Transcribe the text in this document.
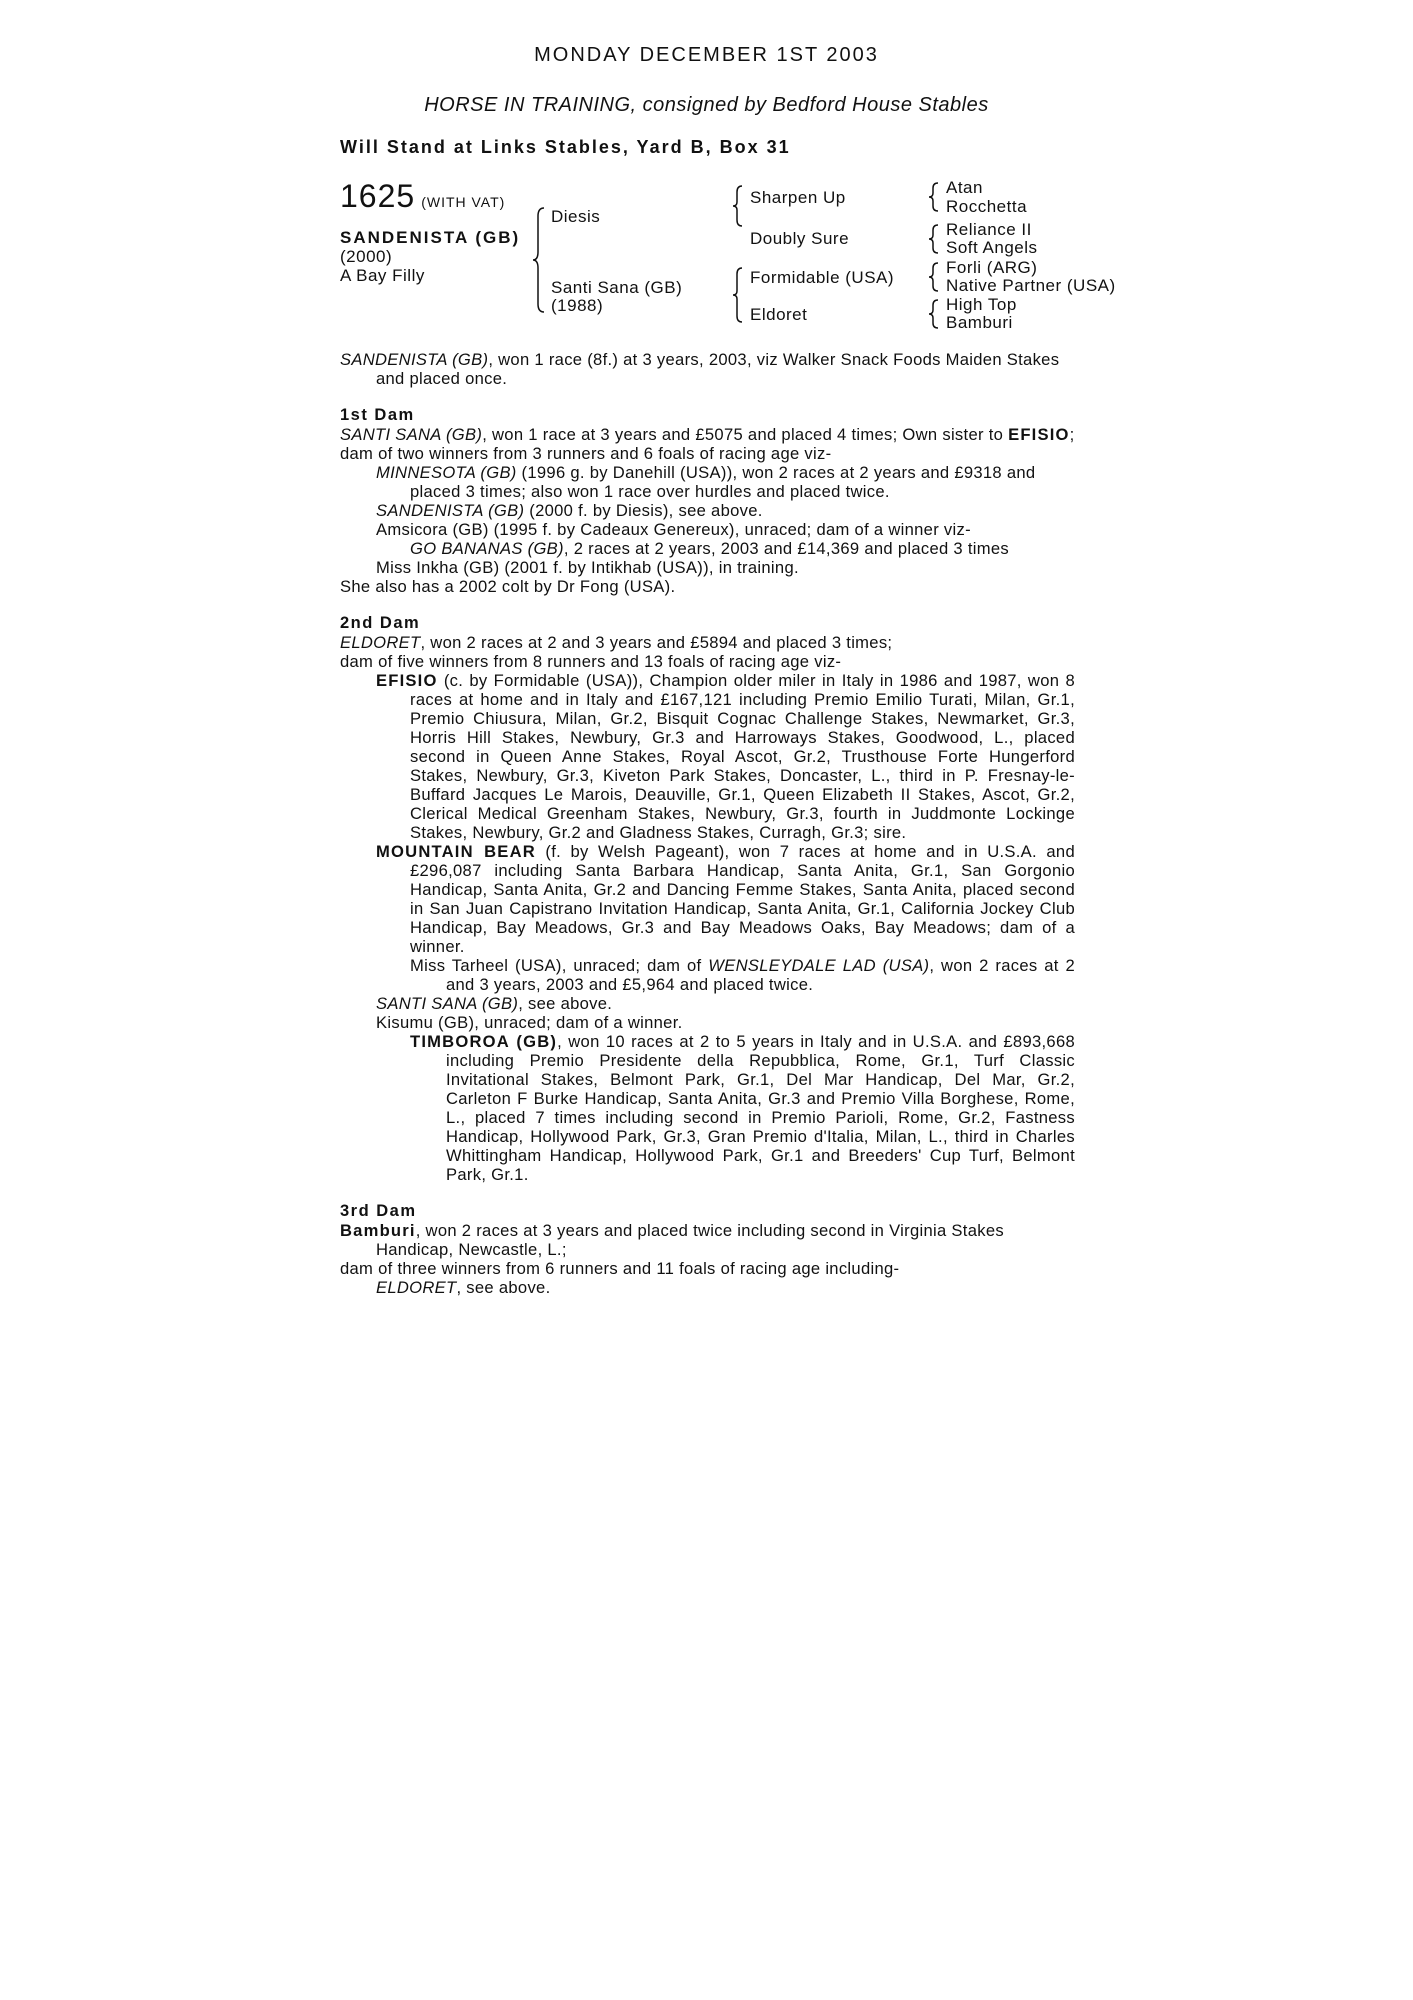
MONDAY DECEMBER 1ST 2003
HORSE IN TRAINING, consigned by Bedford House Stables
Will Stand at Links Stables, Yard B, Box 31
1625 (WITH VAT)
SANDENISTA (GB)
(2000)
A Bay Filly
Diesis
Santi Sana (GB)
(1988)
Sharpen Up
Doubly Sure
Formidable (USA)
Eldoret
Atan
Rocchetta
Reliance II
Soft Angels
Forli (ARG)
Native Partner (USA)
High Top
Bamburi

SANDENISTA (GB), won 1 race (8f.) at 3 years, 2003, viz Walker Snack Foods Maiden Stakes and placed once.

1st Dam

SANTI SANA (GB), won 1 race at 3 years and £5075 and placed 4 times; Own sister to EFISIO;

dam of two winners from 3 runners and 6 foals of racing age viz-

MINNESOTA (GB) (1996 g. by Danehill (USA)), won 2 races at 2 years and £9318 and placed 3 times; also won 1 race over hurdles and placed twice.

SANDENISTA (GB) (2000 f. by Diesis), see above.

Amsicora (GB) (1995 f. by Cadeaux Genereux), unraced; dam of a winner viz-

GO BANANAS (GB), 2 races at 2 years, 2003 and £14,369 and placed 3 times

Miss Inkha (GB) (2001 f. by Intikhab (USA)), in training.

She also has a 2002 colt by Dr Fong (USA).

2nd Dam

ELDORET, won 2 races at 2 and 3 years and £5894 and placed 3 times;

dam of five winners from 8 runners and 13 foals of racing age viz-

EFISIO (c. by Formidable (USA)), Champion older miler in Italy in 1986 and 1987, won 8 races at home and in Italy and £167,121 including Premio Emilio Turati, Milan, Gr.1, Premio Chiusura, Milan, Gr.2, Bisquit Cognac Challenge Stakes, Newmarket, Gr.3, Horris Hill Stakes, Newbury, Gr.3 and Harroways Stakes, Goodwood, L., placed second in Queen Anne Stakes, Royal Ascot, Gr.2, Trusthouse Forte Hungerford Stakes, Newbury, Gr.3, Kiveton Park Stakes, Doncaster, L., third in P. Fresnay-le-Buffard Jacques Le Marois, Deauville, Gr.1, Queen Elizabeth II Stakes, Ascot, Gr.2, Clerical Medical Greenham Stakes, Newbury, Gr.3, fourth in Juddmonte Lockinge Stakes, Newbury, Gr.2 and Gladness Stakes, Curragh, Gr.3; sire.

MOUNTAIN BEAR (f. by Welsh Pageant), won 7 races at home and in U.S.A. and £296,087 including Santa Barbara Handicap, Santa Anita, Gr.1, San Gorgonio Handicap, Santa Anita, Gr.2 and Dancing Femme Stakes, Santa Anita, placed second in San Juan Capistrano Invitation Handicap, Santa Anita, Gr.1, California Jockey Club Handicap, Bay Meadows, Gr.3 and Bay Meadows Oaks, Bay Meadows; dam of a winner.

Miss Tarheel (USA), unraced; dam of WENSLEYDALE LAD (USA), won 2 races at 2 and 3 years, 2003 and £5,964 and placed twice.

SANTI SANA (GB), see above.

Kisumu (GB), unraced; dam of a winner.

TIMBOROA (GB), won 10 races at 2 to 5 years in Italy and in U.S.A. and £893,668 including Premio Presidente della Repubblica, Rome, Gr.1, Turf Classic Invitational Stakes, Belmont Park, Gr.1, Del Mar Handicap, Del Mar, Gr.2, Carleton F Burke Handicap, Santa Anita, Gr.3 and Premio Villa Borghese, Rome, L., placed 7 times including second in Premio Parioli, Rome, Gr.2, Fastness Handicap, Hollywood Park, Gr.3, Gran Premio d'Italia, Milan, L., third in Charles Whittingham Handicap, Hollywood Park, Gr.1 and Breeders' Cup Turf, Belmont Park, Gr.1.

3rd Dam

Bamburi, won 2 races at 3 years and placed twice including second in Virginia Stakes Handicap, Newcastle, L.;

dam of three winners from 6 runners and 11 foals of racing age including-

ELDORET, see above.
